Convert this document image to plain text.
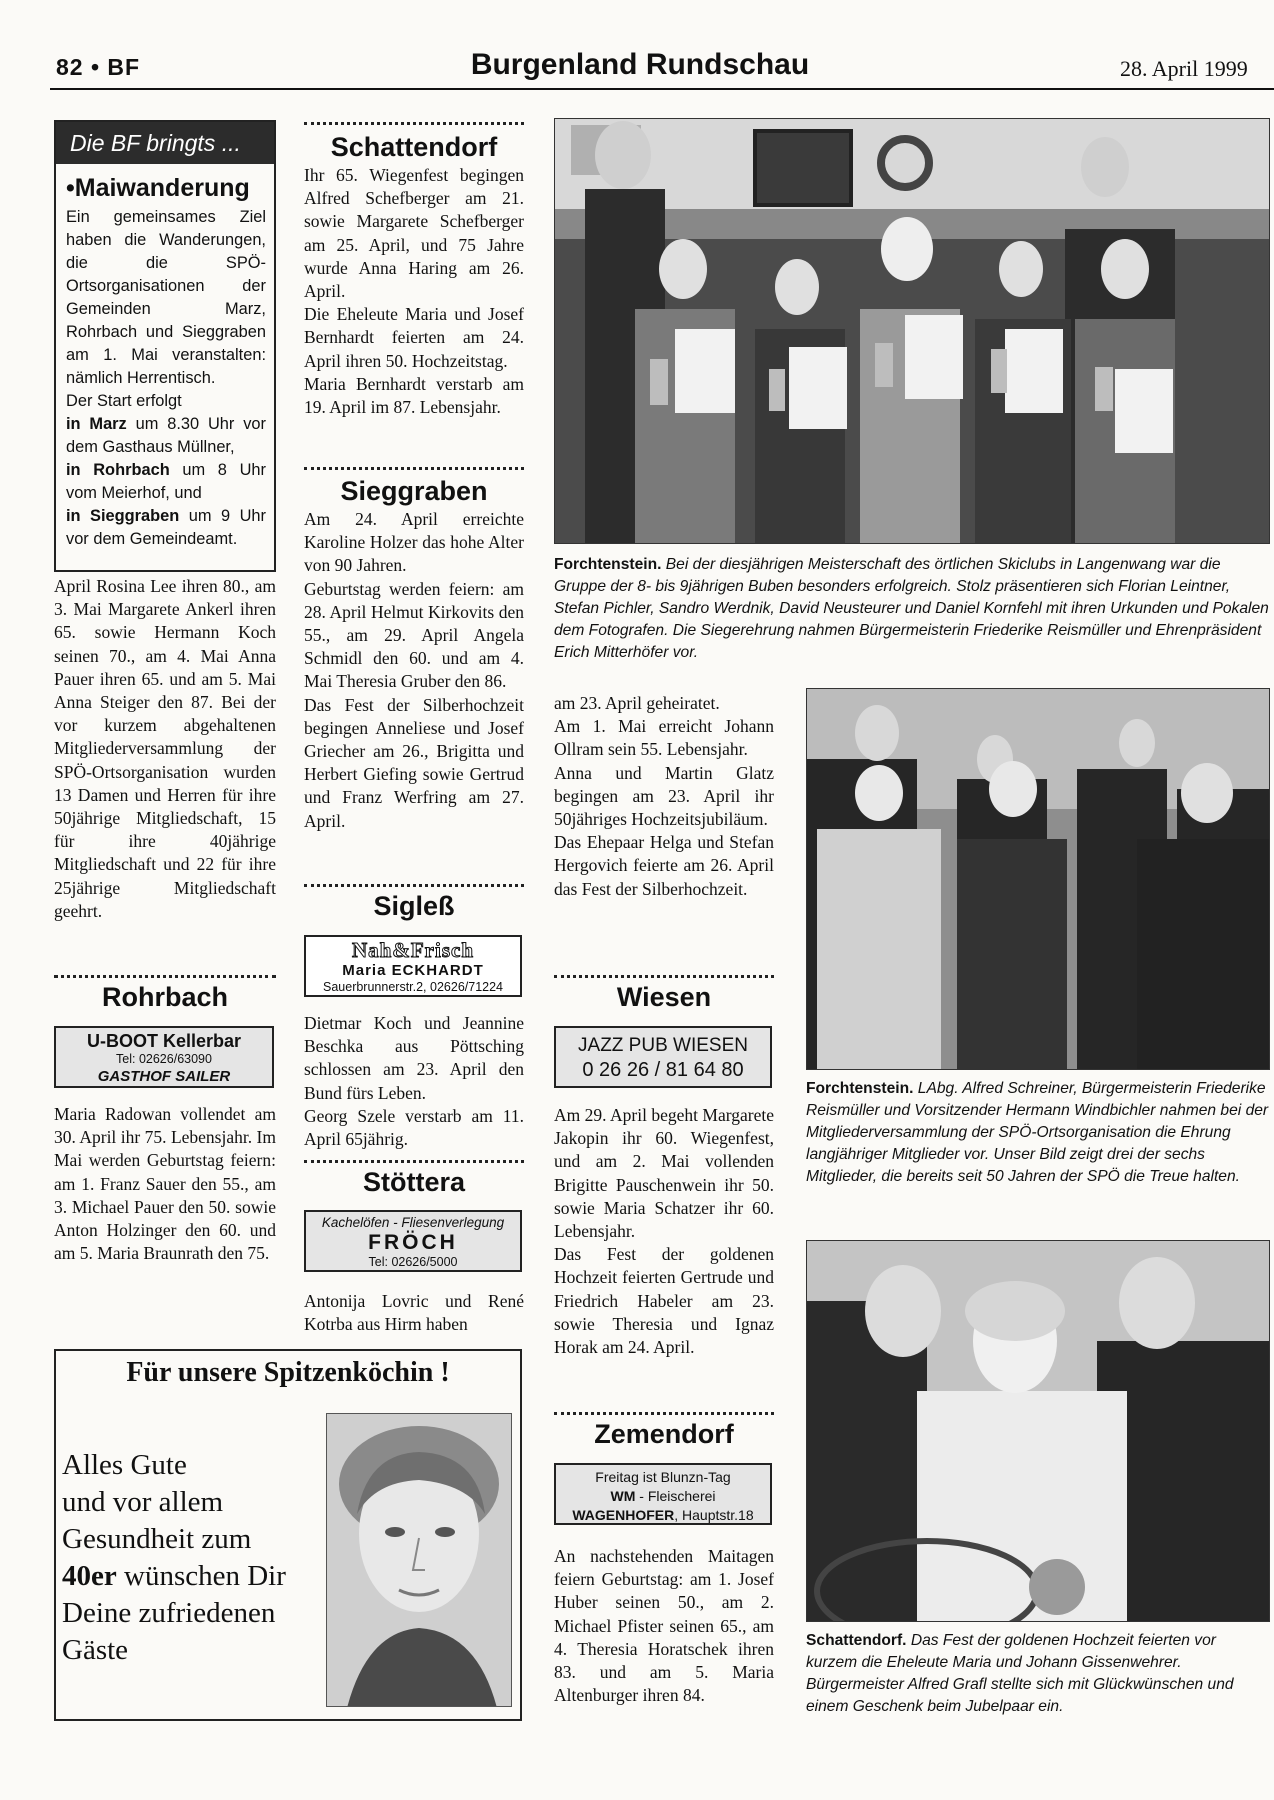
82 • BF	Burgenland Rundschau	28. April 1999
Die BF bringts ...
•Maiwanderung
Ein gemeinsames Ziel haben die Wanderungen, die die SPÖ-Ortsorganisationen der Gemeinden Marz, Rohrbach und Sieggraben am 1. Mai veranstalten: nämlich Herrentisch.
Der Start erfolgt
in Marz um 8.30 Uhr vor dem Gasthaus Müllner,
in Rohrbach um 8 Uhr vom Meierhof, und
in Sieggraben um 9 Uhr vor dem Gemeindeamt.
April Rosina Lee ihren 80., am 3. Mai Margarete Ankerl ihren 65. sowie Hermann Koch seinen 70., am 4. Mai Anna Pauer ihren 65. und am 5. Mai Anna Steiger den 87. Bei der vor kurzem abgehaltenen Mitgliederversammlung der SPÖ-Ortsorganisation wurden 13 Damen und Herren für ihre 50jährige Mitgliedschaft, 15 für ihre 40jährige Mitgliedschaft und 22 für ihre 25jährige Mitgliedschaft geehrt.
Rohrbach
U-BOOT Kellerbar
Tel: 02626/63090
GASTHOF SAILER
Maria Radowan vollendet am 30. April ihr 75. Lebensjahr. Im Mai werden Geburtstag feiern: am 1. Franz Sauer den 55., am 3. Michael Pauer den 50. sowie Anton Holzinger den 60. und am 5. Maria Braunrath den 75.
Schattendorf
Ihr 65. Wiegenfest begingen Alfred Schefberger am 21. sowie Margarete Schefberger am 25. April, und 75 Jahre wurde Anna Haring am 26. April.
Die Eheleute Maria und Josef Bernhardt feierten am 24. April ihren 50. Hochzeitstag.
Maria Bernhardt verstarb am 19. April im 87. Lebensjahr.
Sieggraben
Am 24. April erreichte Karoline Holzer das hohe Alter von 90 Jahren.
Geburtstag werden feiern: am 28. April Helmut Kirkovits den 55., am 29. April Angela Schmidl den 60. und am 4. Mai Theresia Gruber den 86.
Das Fest der Silberhochzeit begingen Anneliese und Josef Griecher am 26., Brigitta und Herbert Giefing sowie Gertrud und Franz Werfring am 27. April.
Sigleß
Nah&Frisch
Maria ECKHARDT
Sauerbrunnerstr.2, 02626/71224
Dietmar Koch und Jeannine Beschka aus Pöttsching schlossen am 23. April den Bund fürs Leben.
Georg Szele verstarb am 11. April 65jährig.
Stöttera
Kachelöfen - Fliesenverlegung
FRÖCH
Tel: 02626/5000
Antonija Lovric und René Kotrba aus Hirm haben
Für unsere Spitzenköchin !
Alles Gute
und vor allem
Gesundheit zum
40er wünschen Dir
Deine zufriedenen
Gäste
am 23. April geheiratet.
Am 1. Mai erreicht Johann Ollram sein 55. Lebensjahr.
Anna und Martin Glatz begingen am 23. April ihr 50jähriges Hochzeitsjubiläum.
Das Ehepaar Helga und Stefan Hergovich feierte am 26. April das Fest der Silberhochzeit.
Wiesen
JAZZ PUB WIESEN
0 26 26 / 81 64 80
Am 29. April begeht Margarete Jakopin ihr 60. Wiegenfest, und am 2. Mai vollenden Brigitte Pauschenwein ihr 50. sowie Maria Schatzer ihr 60. Lebensjahr.
Das Fest der goldenen Hochzeit feierten Gertrude und Friedrich Habeler am 23. sowie Theresia und Ignaz Horak am 24. April.
Zemendorf
Freitag ist Blunzn-Tag
WM - Fleischerei
WAGENHOFER, Hauptstr.18
An nachstehenden Maitagen feiern Geburtstag: am 1. Josef Huber seinen 50., am 2. Michael Pfister seinen 65., am 4. Theresia Horatschek ihren 83. und am 5. Maria Altenburger ihren 84.
Forchtenstein. Bei der diesjährigen Meisterschaft des örtlichen Skiclubs in Langenwang war die Gruppe der 8- bis 9jährigen Buben besonders erfolgreich. Stolz präsentieren sich Florian Leintner, Stefan Pichler, Sandro Werdnik, David Neusteurer und Daniel Kornfehl mit ihren Urkunden und Pokalen dem Fotografen. Die Siegerehrung nahmen Bürgermeisterin Friederike Reismüller und Ehrenpräsident Erich Mitterhöfer vor.
Forchtenstein. LAbg. Alfred Schreiner, Bürgermeisterin Friederike Reismüller und Vorsitzender Hermann Windbichler nahmen bei der Mitgliederversammlung der SPÖ-Ortsorganisation die Ehrung langjähriger Mitglieder vor. Unser Bild zeigt drei der sechs Mitglieder, die bereits seit 50 Jahren der SPÖ die Treue halten.
Schattendorf. Das Fest der goldenen Hochzeit feierten vor kurzem die Eheleute Maria und Johann Gissenwehrer. Bürgermeister Alfred Grafl stellte sich mit Glückwünschen und einem Geschenk beim Jubelpaar ein.
